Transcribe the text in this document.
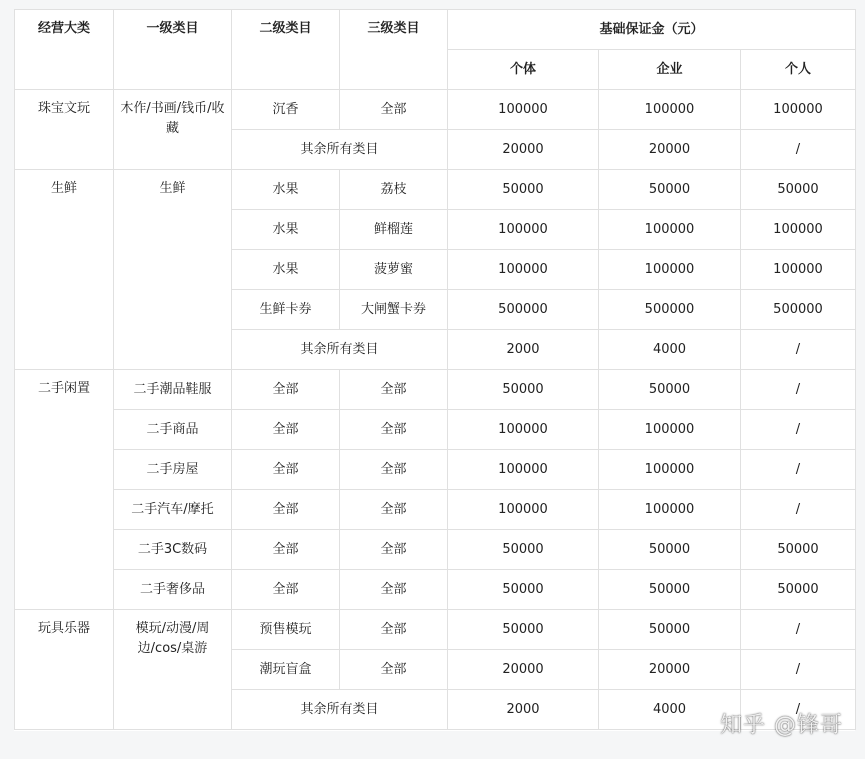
经营大类	一级类目	二级类目	三级类目	基础保证金（元）		
				个体	企业	个人
珠宝文玩	木作/书画/钱币/收藏	沉香	全部	100000	100000	100000
		其余所有类目		20000	20000	/
生鲜	生鲜	水果	荔枝	50000	50000	50000
		水果	鲜榴莲	100000	100000	100000
		水果	菠萝蜜	100000	100000	100000
		生鲜卡券	大闸蟹卡券	500000	500000	500000
		其余所有类目		2000	4000	/
二手闲置	二手潮品鞋服	全部	全部	50000	50000	/
	二手商品	全部	全部	100000	100000	/
	二手房屋	全部	全部	100000	100000	/
	二手汽车/摩托	全部	全部	100000	100000	/
	二手3C数码	全部	全部	50000	50000	50000
	二手奢侈品	全部	全部	50000	50000	50000
玩具乐器	模玩/动漫/周边/cos/桌游	预售模玩	全部	50000	50000	/
		潮玩盲盒	全部	20000	20000	/
		其余所有类目		2000	4000	/
知乎 @锋哥
